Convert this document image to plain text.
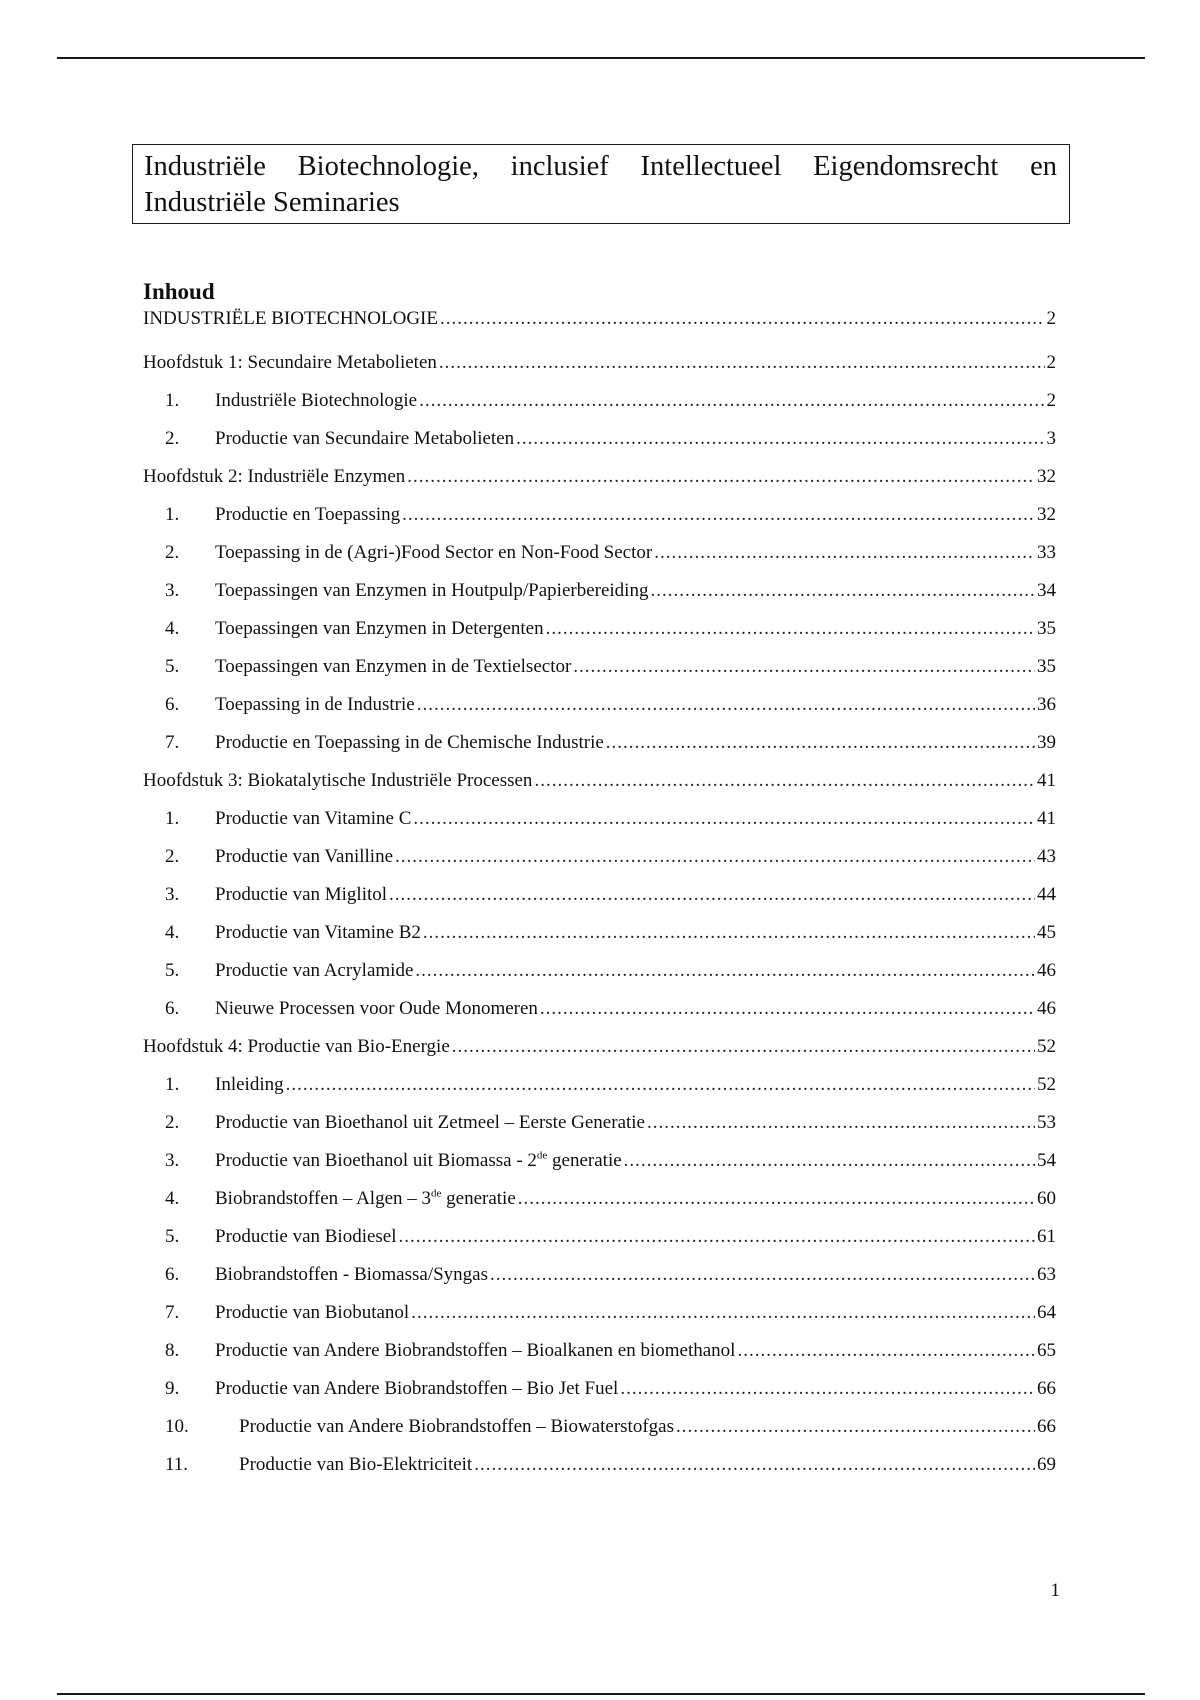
Industriële Biotechnologie, inclusief Intellectueel Eigendomsrecht en Industriële Seminaries
Inhoud
INDUSTRIËLE BIOTECHNOLOGIE .....	2
Hoofdstuk 1: Secundaire Metabolieten .....	2
1.	Industriële Biotechnologie .....	2
2.	Productie van Secundaire Metabolieten .....	3
Hoofdstuk 2: Industriële Enzymen .....	32
1.	Productie en Toepassing .....	32
2.	Toepassing in de (Agri-)Food Sector en Non-Food Sector .....	33
3.	Toepassingen van Enzymen in Houtpulp/Papierbereiding .....	34
4.	Toepassingen van Enzymen in Detergenten .....	35
5.	Toepassingen van Enzymen in de Textielsector .....	35
6.	Toepassing in de Industrie .....	36
7.	Productie en Toepassing in de Chemische Industrie .....	39
Hoofdstuk 3: Biokatalytische Industriële Processen .....	41
1.	Productie van Vitamine C .....	41
2.	Productie van Vanilline .....	43
3.	Productie van Miglitol .....	44
4.	Productie van Vitamine B2 .....	45
5.	Productie van Acrylamide .....	46
6.	Nieuwe Processen voor Oude Monomeren .....	46
Hoofdstuk 4: Productie van Bio-Energie .....	52
1.	Inleiding .....	52
2.	Productie van Bioethanol uit Zetmeel – Eerste Generatie .....	53
3.	Productie van Bioethanol uit Biomassa - 2de generatie .....	54
4.	Biobrandstoffen – Algen – 3de generatie .....	60
5.	Productie van Biodiesel .....	61
6.	Biobrandstoffen - Biomassa/Syngas .....	63
7.	Productie van Biobutanol .....	64
8.	Productie van Andere Biobrandstoffen – Bioalkanen en biomethanol .....	65
9.	Productie van Andere Biobrandstoffen – Bio Jet Fuel .....	66
10.	Productie van Andere Biobrandstoffen – Biowaterstofgas .....	66
11.	Productie van Bio-Elektriciteit .....	69
1
